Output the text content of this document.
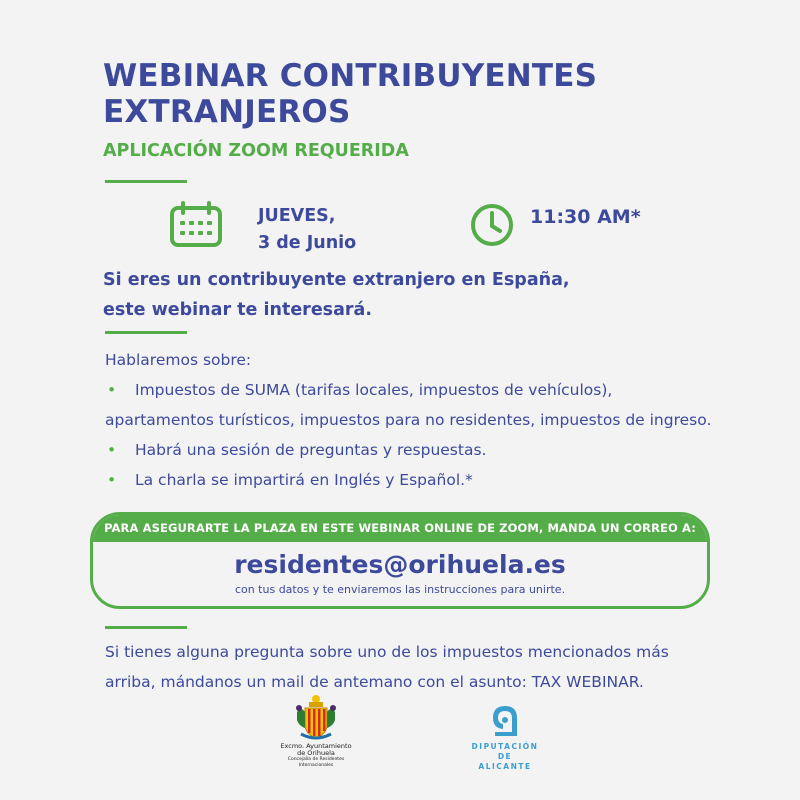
WEBINAR CONTRIBUYENTES
EXTRANJEROS

APLICACIÓN ZOOM REQUERIDA

JUEVES,
3 de Junio
11:30 AM*

Si eres un contribuyente extranjero en España,
este webinar te interesará.

Hablaremos sobre:
• Impuestos de SUMA (tarifas locales, impuestos de vehículos),
apartamentos turísticos, impuestos para no residentes, impuestos de ingreso.
• Habrá una sesión de preguntas y respuestas.
• La charla se impartirá en Inglés y Español.*
PARA ASEGURARTE LA PLAZA EN ESTE WEBINAR ONLINE DE ZOOM, MANDA UN CORREO A:
residentes@orihuela.es
con tus datos y te enviaremos las instrucciones para unirte.

Si tienes alguna pregunta sobre uno de los impuestos mencionados más
arriba, mándanos un mail de antemano con el asunto: TAX WEBINAR.

Excmo. Ayuntamiento
de Orihuela
Concejalía de Residentes Internacionales
DIPUTACIÓN
DE ALICANTE
